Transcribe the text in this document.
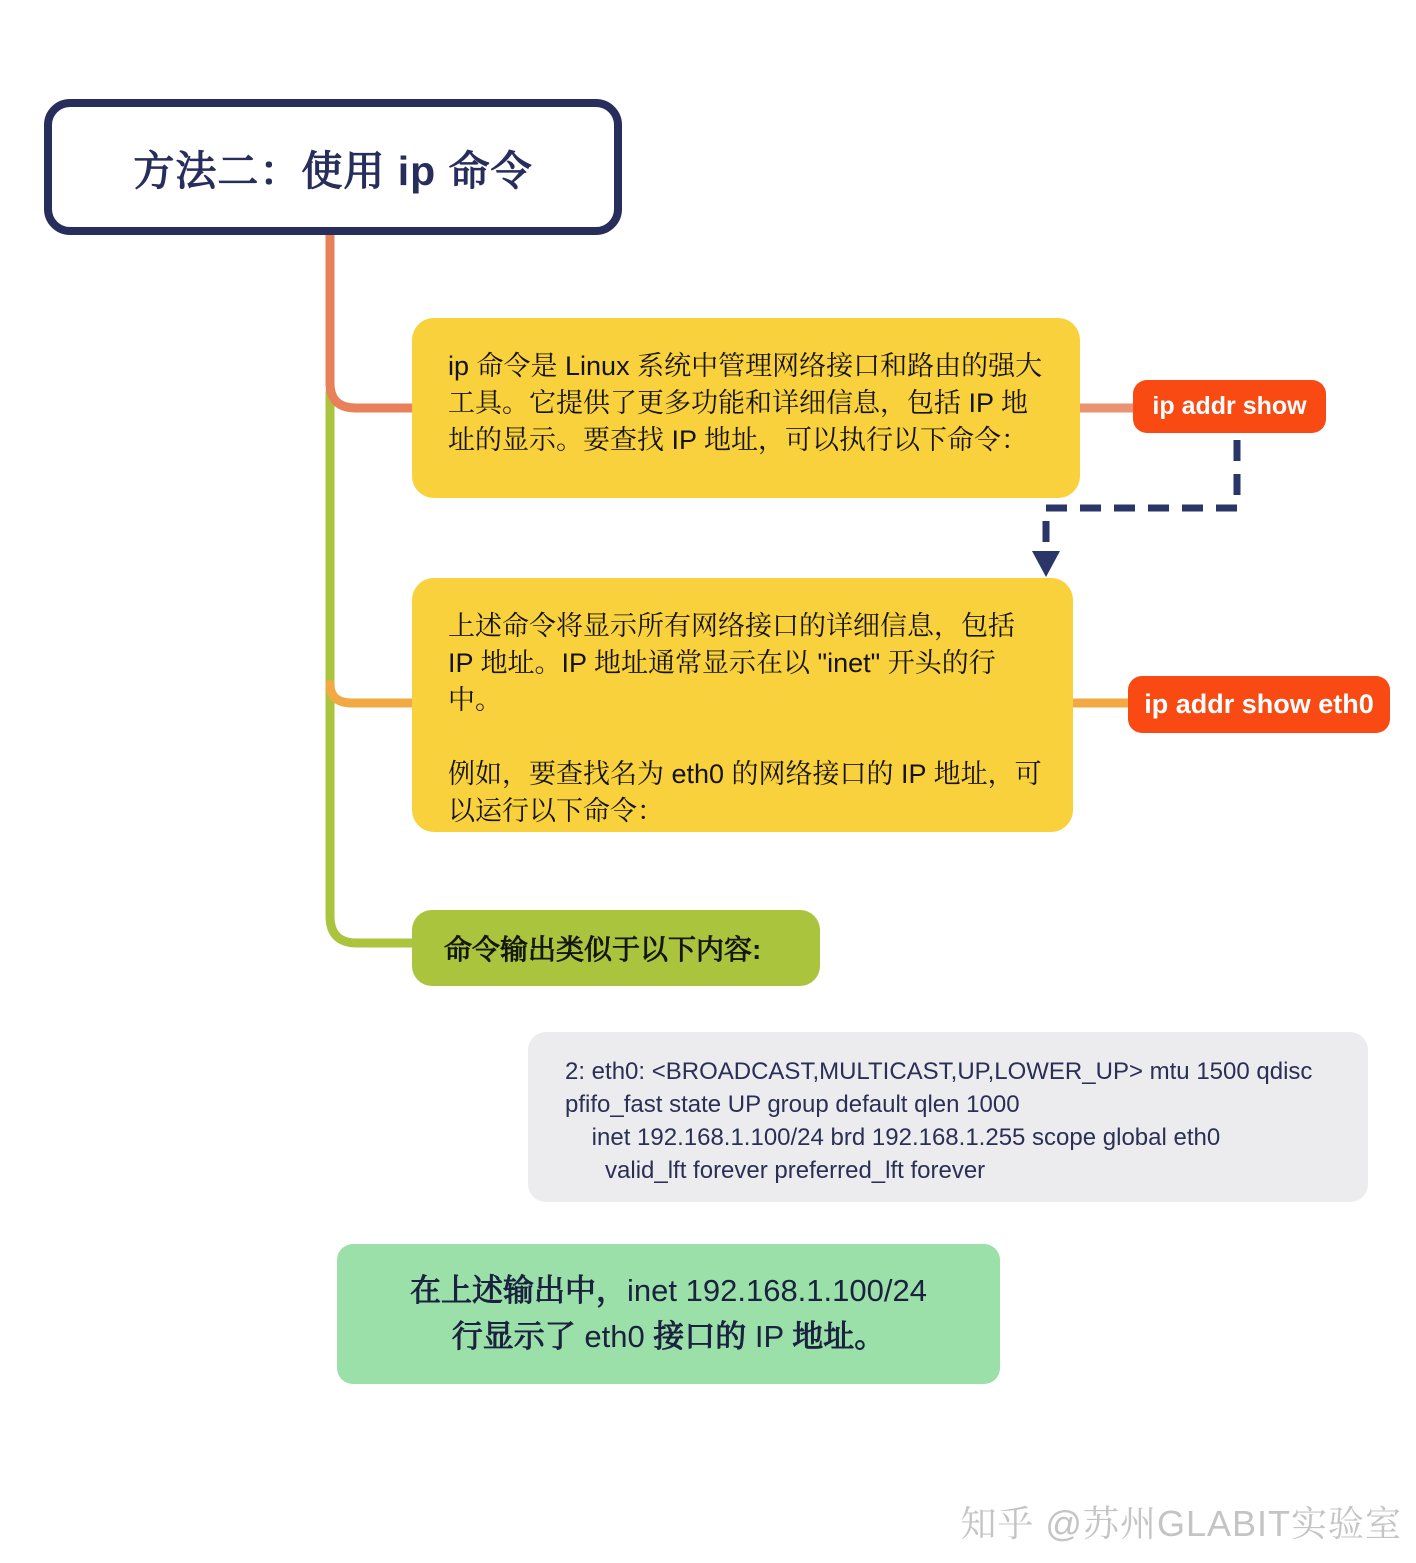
方法二：使用 ip 命令

ip 命令是 Linux 系统中管理网络接口和路由的强大工具。它提供了更多功能和详细信息，包括 IP 地址的显示。要查找 IP 地址，可以执行以下命令：

ip addr show

上述命令将显示所有网络接口的详细信息，包括 IP 地址。IP 地址通常显示在以 "inet" 开头的行中。

例如，要查找名为 eth0 的网络接口的 IP 地址，可以运行以下命令：

ip addr show eth0
命令输出类似于以下内容:
2: eth0: <BROADCAST,MULTICAST,UP,LOWER_UP> mtu 1500 qdisc
pfifo_fast state UP group default qlen 1000
inet 192.168.1.100/24 brd 192.168.1.255 scope global eth0
valid_lft forever preferred_lft forever
在上述输出中，inet 192.168.1.100/24
行显示了 eth0 接口的 IP 地址。
知乎 @苏州GLABIT实验室
